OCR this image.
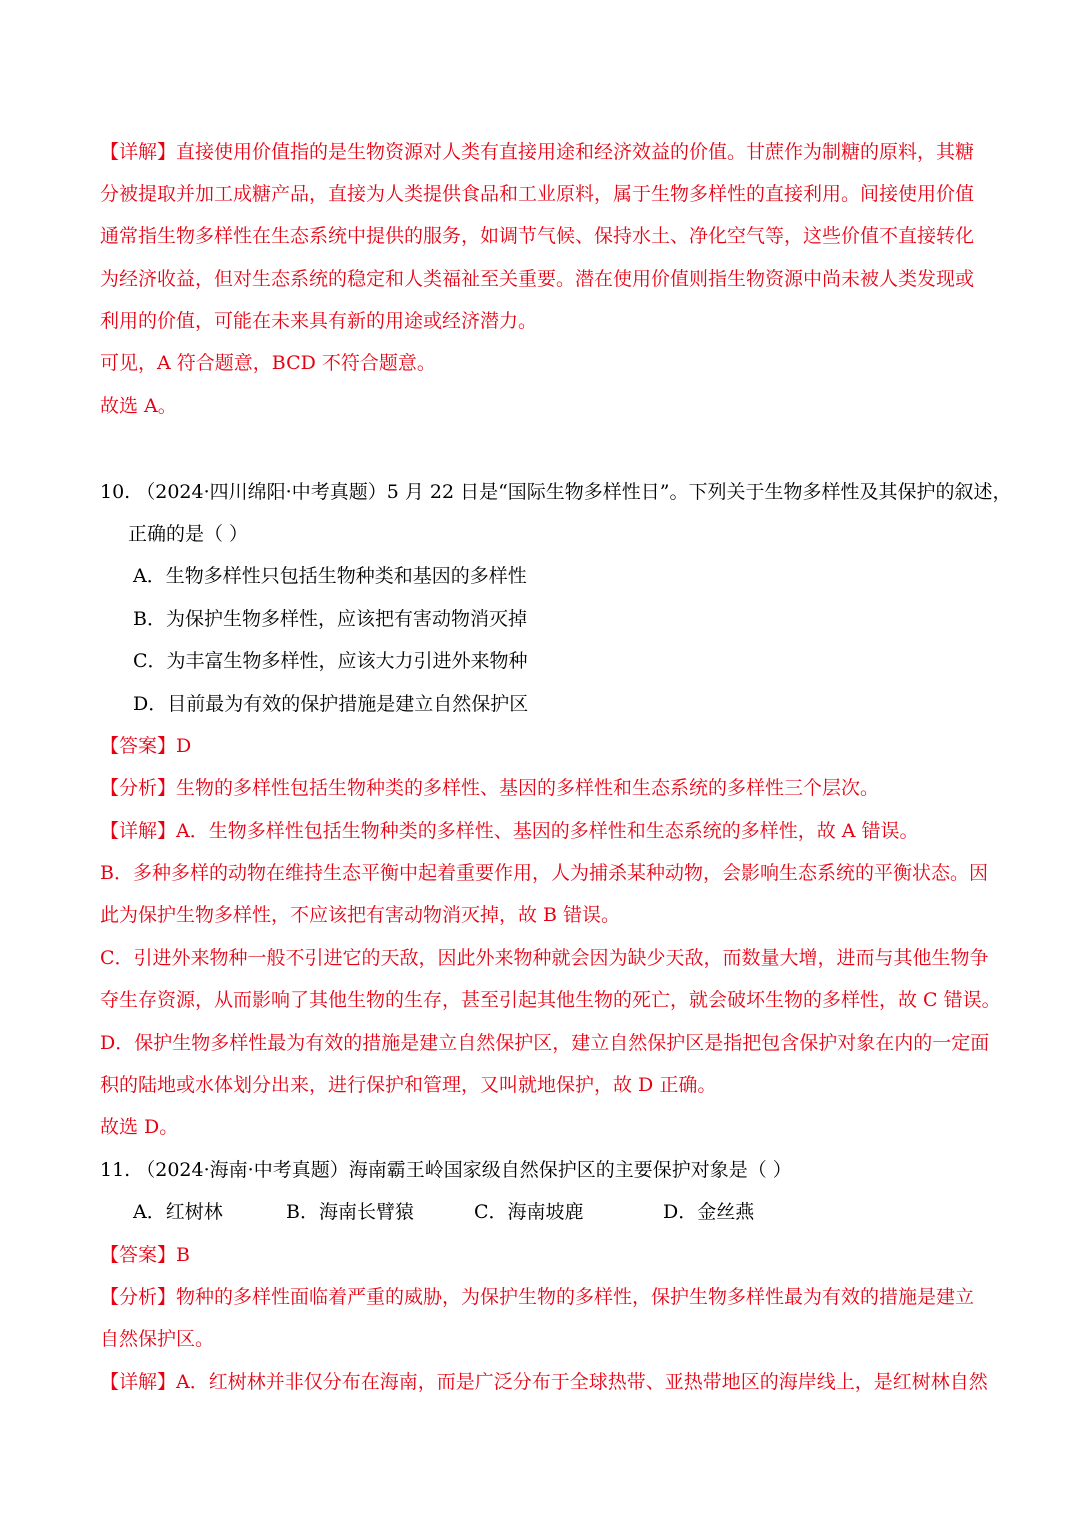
【详解】直接使用价值指的是生物资源对人类有直接用途和经济效益的价值。甘蔗作为制糖的原料，其糖
分被提取并加工成糖产品，直接为人类提供食品和工业原料，属于生物多样性的直接利用。间接使用价值
通常指生物多样性在生态系统中提供的服务，如调节气候、保持水土、净化空气等，这些价值不直接转化
为经济收益，但对生态系统的稳定和人类福祉至关重要。潜在使用价值则指生物资源中尚未被人类发现或
利用的价值，可能在未来具有新的用途或经济潜力。
可见，A 符合题意，BCD 不符合题意。
故选 A。
10. （2024·四川绵阳·中考真题）5 月 22 日是“国际生物多样性日”。下列关于生物多样性及其保护的叙述，
正确的是（ ）
A．生物多样性只包括生物种类和基因的多样性
B．为保护生物多样性，应该把有害动物消灭掉
C．为丰富生物多样性，应该大力引进外来物种
D．目前最为有效的保护措施是建立自然保护区
【答案】D
【分析】生物的多样性包括生物种类的多样性、基因的多样性和生态系统的多样性三个层次。
【详解】A．生物多样性包括生物种类的多样性、基因的多样性和生态系统的多样性，故 A 错误。
B．多种多样的动物在维持生态平衡中起着重要作用，人为捕杀某种动物，会影响生态系统的平衡状态。因
此为保护生物多样性，不应该把有害动物消灭掉，故 B 错误。
C．引进外来物种一般不引进它的天敌，因此外来物种就会因为缺少天敌，而数量大增，进而与其他生物争
夺生存资源，从而影响了其他生物的生存，甚至引起其他生物的死亡，就会破坏生物的多样性，故 C 错误。
D．保护生物多样性最为有效的措施是建立自然保护区，建立自然保护区是指把包含保护对象在内的一定面
积的陆地或水体划分出来，进行保护和管理，又叫就地保护，故 D 正确。
故选 D。
11. （2024·海南·中考真题）海南霸王岭国家级自然保护区的主要保护对象是（ ）
A．红树林	B．海南长臂猿	C．海南坡鹿	D．金丝燕
【答案】B
【分析】物种的多样性面临着严重的威胁，为保护生物的多样性，保护生物多样性最为有效的措施是建立
自然保护区。
【详解】A．红树林并非仅分布在海南，而是广泛分布于全球热带、亚热带地区的海岸线上，是红树林自然
